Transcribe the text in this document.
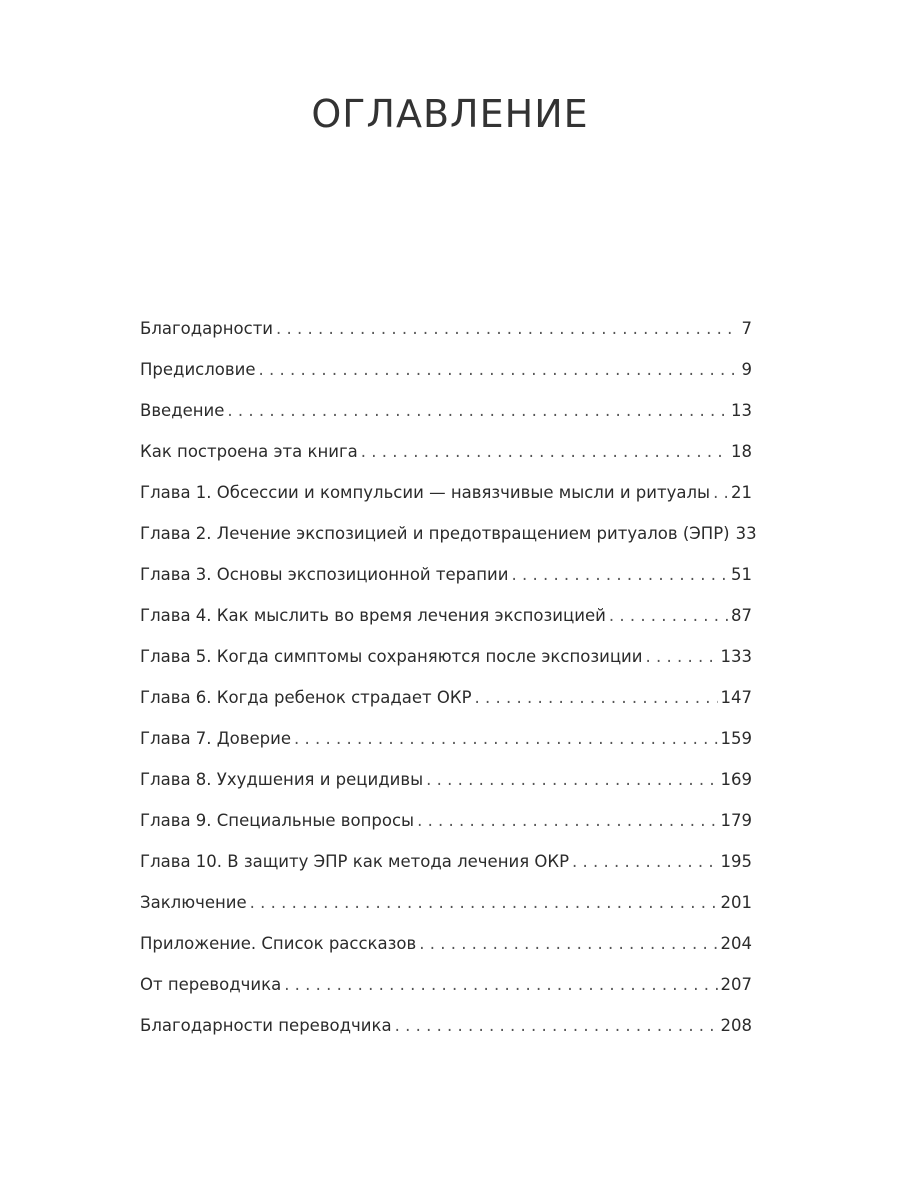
ОГЛАВЛЕНИЕ
Благодарности . . .	7
Предисловие . . .	9
Введение . . .	13
Как построена эта книга . . .	18
Глава 1. Обсессии и компульсии — навязчивые мысли и ритуалы . . . 21
Глава 2. Лечение экспозицией и предотвращением ритуалов (ЭПР) 33
Глава 3. Основы экспозиционной терапии . . .	51
Глава 4. Как мыслить во время лечения экспозицией . . .	87
Глава 5. Когда симптомы сохраняются после экспозиции . . .	133
Глава 6. Когда ребенок страдает ОКР . . .	147
Глава 7. Доверие . . .	159
Глава 8. Ухудшения и рецидивы . . .	169
Глава 9. Специальные вопросы . . .	179
Глава 10. В защиту ЭПР как метода лечения ОКР . . .	195
Заключение . . .	201
Приложение. Список рассказов . . .	204
От переводчика . . .	207
Благодарности переводчика . . .	208
